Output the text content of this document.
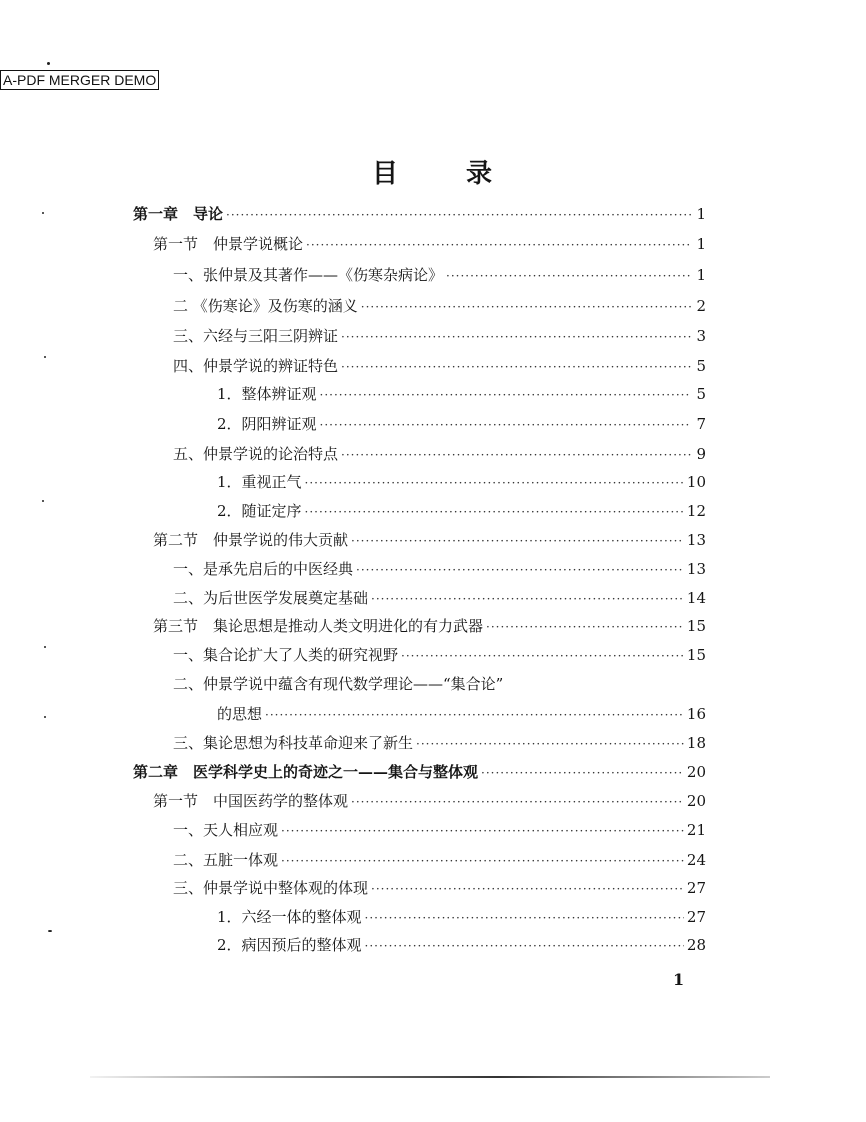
A-PDF MERGER DEMO
目	录
第一章　导论 ·····	1
第一节　仲景学说概论 ·····	1
一、张仲景及其著作——《伤寒杂病论》 ·····	1
二 《伤寒论》及伤寒的涵义 ·····	2
三、六经与三阳三阴辨证 ·····	3
四、仲景学说的辨证特色 ·····	5
1．整体辨证观 ·····	5
2．阴阳辨证观 ·····	7
五、仲景学说的论治特点 ·····	9
1．重视正气 ·····	10
2．随证定序 ·····	12
第二节　仲景学说的伟大贡献 ·····	13
一、是承先启后的中医经典 ·····	13
二、为后世医学发展奠定基础 ·····	14
第三节　集论思想是推动人类文明进化的有力武器 ·····	15
一、集合论扩大了人类的研究视野 ·····	15
二、仲景学说中蕴含有现代数学理论——“集合论”
的思想 ·····	16
三、集论思想为科技革命迎来了新生 ·····	18
第二章　医学科学史上的奇迹之一——集合与整体观 ·····	20
第一节　中国医药学的整体观 ·····	20
一、天人相应观 ·····	21
二、五脏一体观 ·····	24
三、仲景学说中整体观的体现 ·····	27
1．六经一体的整体观 ·····	27
2．病因预后的整体观 ·····	28
1
